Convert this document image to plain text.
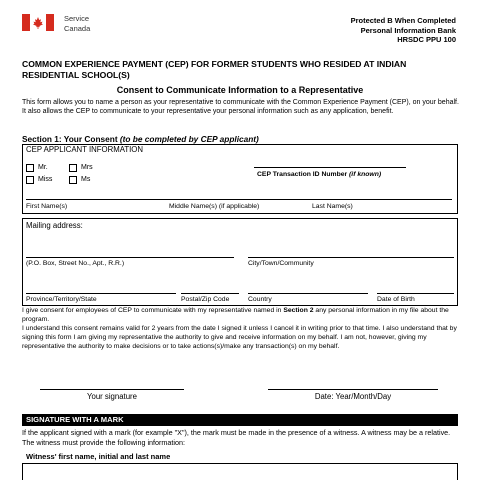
Service
Canada
Protected B When Completed
Personal Information Bank
HRSDC PPU 100
COMMON EXPERIENCE PAYMENT (CEP) FOR FORMER STUDENTS WHO RESIDED AT INDIAN RESIDENTIAL SCHOOL(S)
Consent to Communicate Information to a Representative
This form allows you to name a person as your representative to communicate with the Common Experience Payment (CEP), on your behalf. It also allows the CEP to communicate to your representative your personal information such as any application, benefit.
Section 1: Your Consent (to be completed by CEP applicant)
CEP APPLICANT INFORMATION
Mr.	Mrs
Miss	Ms
CEP Transaction ID Number (if known)
First Name(s)	Middle Name(s) (if applicable)	Last Name(s)
Mailing address:
(P.O. Box, Street No., Apt., R.R.)	City/Town/Community
Province/Territory/State	Postal/Zip Code	Country	Date of Birth
I give consent for employees of CEP to communicate with my representative named in Section 2 any personal information in my file about the program.
I understand this consent remains valid for 2 years from the date I signed it unless I cancel it in writing prior to that time. I also understand that by signing this form I am giving my representative the authority to give and receive information on my behalf. I am not, however, giving my representative the authority to make decisions or to take actions(s)/make any transaction(s) on my behalf.
Your signature	Date: Year/Month/Day
SIGNATURE WITH A MARK
If the applicant signed with a mark (for example "X"), the mark must be made in the presence of a witness. A witness may be a relative. The witness must provide the following information:
Witness' first name, initial and last name
